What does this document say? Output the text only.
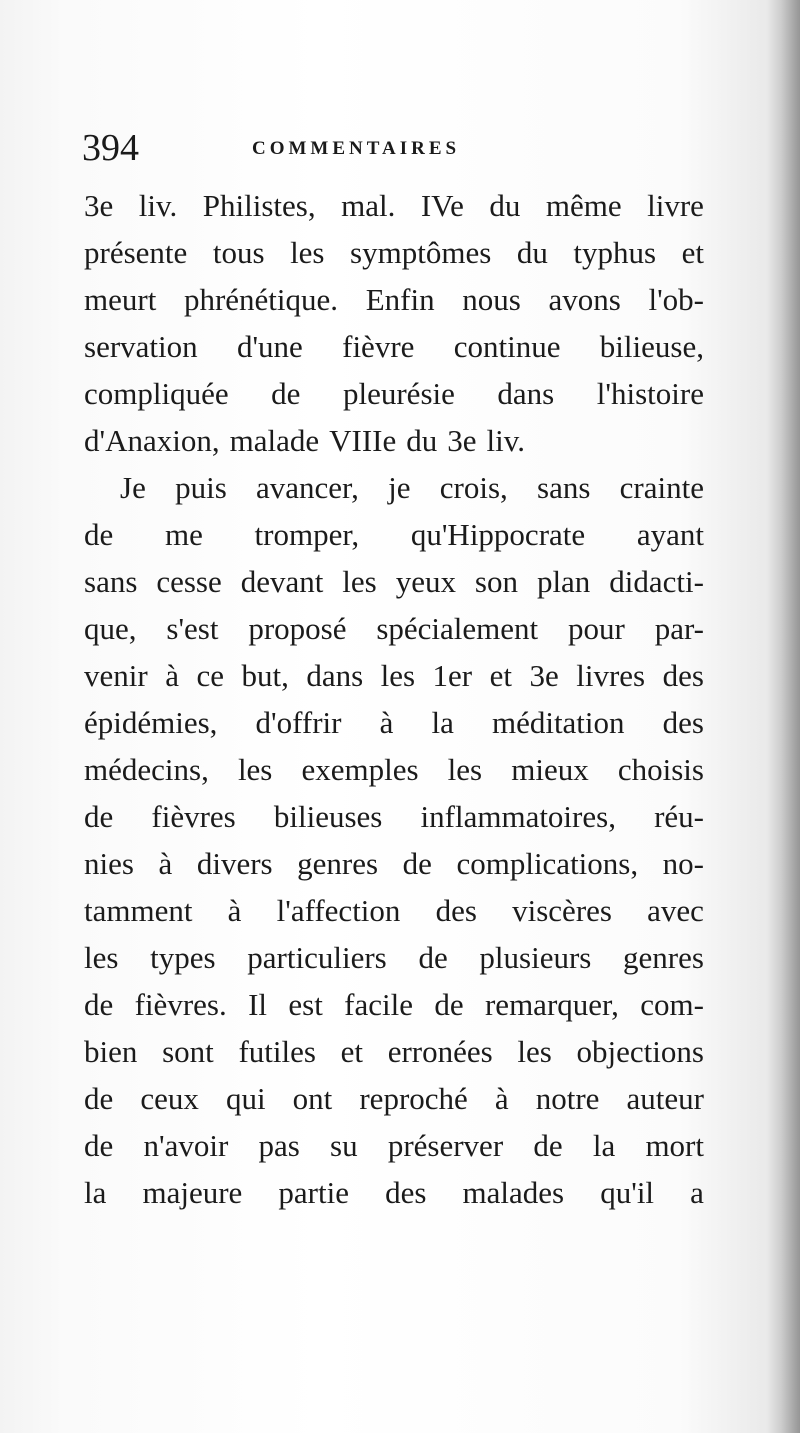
394	COMMENTAIRES
3e liv. Philistes, mal. IVe du même livre
présente tous les symptômes du typhus et
meurt phrénétique. Enfin nous avons l'ob-
servation d'une fièvre continue bilieuse,
compliquée de pleurésie dans l'histoire
d'Anaxion, malade VIIIe du 3e liv.
Je puis avancer, je crois, sans crainte
de me tromper, qu'Hippocrate ayant
sans cesse devant les yeux son plan didacti-
que, s'est proposé spécialement pour par-
venir à ce but, dans les 1er et 3e livres des
épidémies, d'offrir à la méditation des
médecins, les exemples les mieux choisis
de fièvres bilieuses inflammatoires, réu-
nies à divers genres de complications, no-
tamment à l'affection des viscères avec
les types particuliers de plusieurs genres
de fièvres. Il est facile de remarquer, com-
bien sont futiles et erronées les objections
de ceux qui ont reproché à notre auteur
de n'avoir pas su préserver de la mort
la majeure partie des malades qu'il a
